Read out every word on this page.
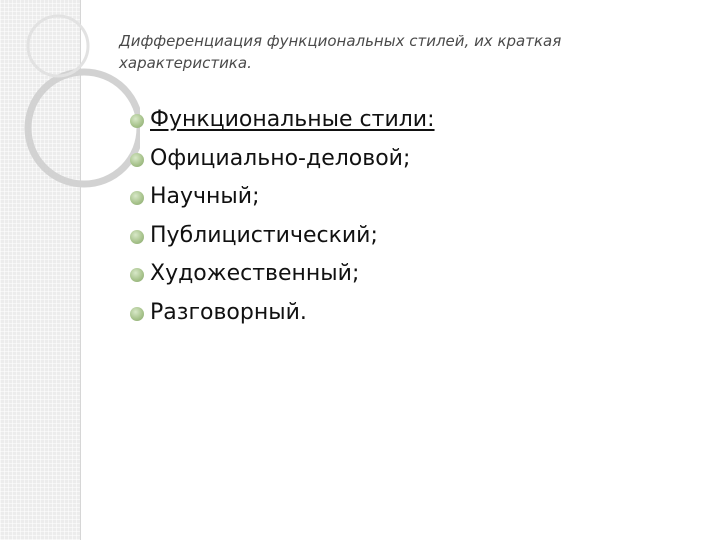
Дифференциация функциональных стилей, их краткая характеристика.
Функциональные стили:
Официально-деловой;
Научный;
Публицистический;
Художественный;
Разговорный.
